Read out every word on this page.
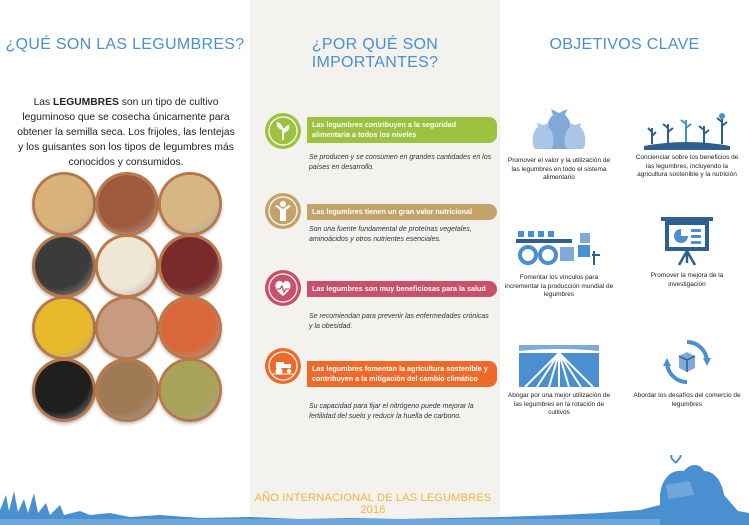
¿QUÉ SON LAS LEGUMBRES?
Las LEGUMBRES son un tipo de cultivo leguminoso que se cosecha únicamente para obtener la semilla seca. Los frijoles, las lentejas y los guisantes son los tipos de legumbres más conocidos y consumidos.
¿POR QUÉ SON IMPORTANTES?
Las legumbres contribuyen a la seguridad alimentaria a todos los niveles
Se producen y se consumen en grandes cantidades en los países en desarrollo.
Las legumbres tienen un gran valor nutricional
Son una fuente fundamental de proteínas vegetales, aminoácidos y otros nutrientes esenciales.
Las legumbres son muy beneficiosas para la salud
Se recomiendan para prevenir las enfermedades crónicas y la obesidad.
Las legumbres fomentan la agricultura sostenible y contribuyen a la mitigación del cambio climático
Su capacidad para fijar el nitrógeno puede mejorar la fertilidad del suelo y reducir la huella de carbono.
OBJETIVOS CLAVE
Promover el valor y la utilización de las legumbres en todo el sistema alimentario
Concienciar sobre los beneficios de las legumbres, incluyendo la agricultura sostenible y la nutrición
Fomentar los vínculos para incrementar la producción mundial de legumbres
Promover la mejora de la investigación
Abogar por una mejor utilización de las legumbres en la rotación de cultivos
Abordar los desafíos del comercio de legumbres
AÑO INTERNACIONAL DE LAS LEGUMBRES 2016
